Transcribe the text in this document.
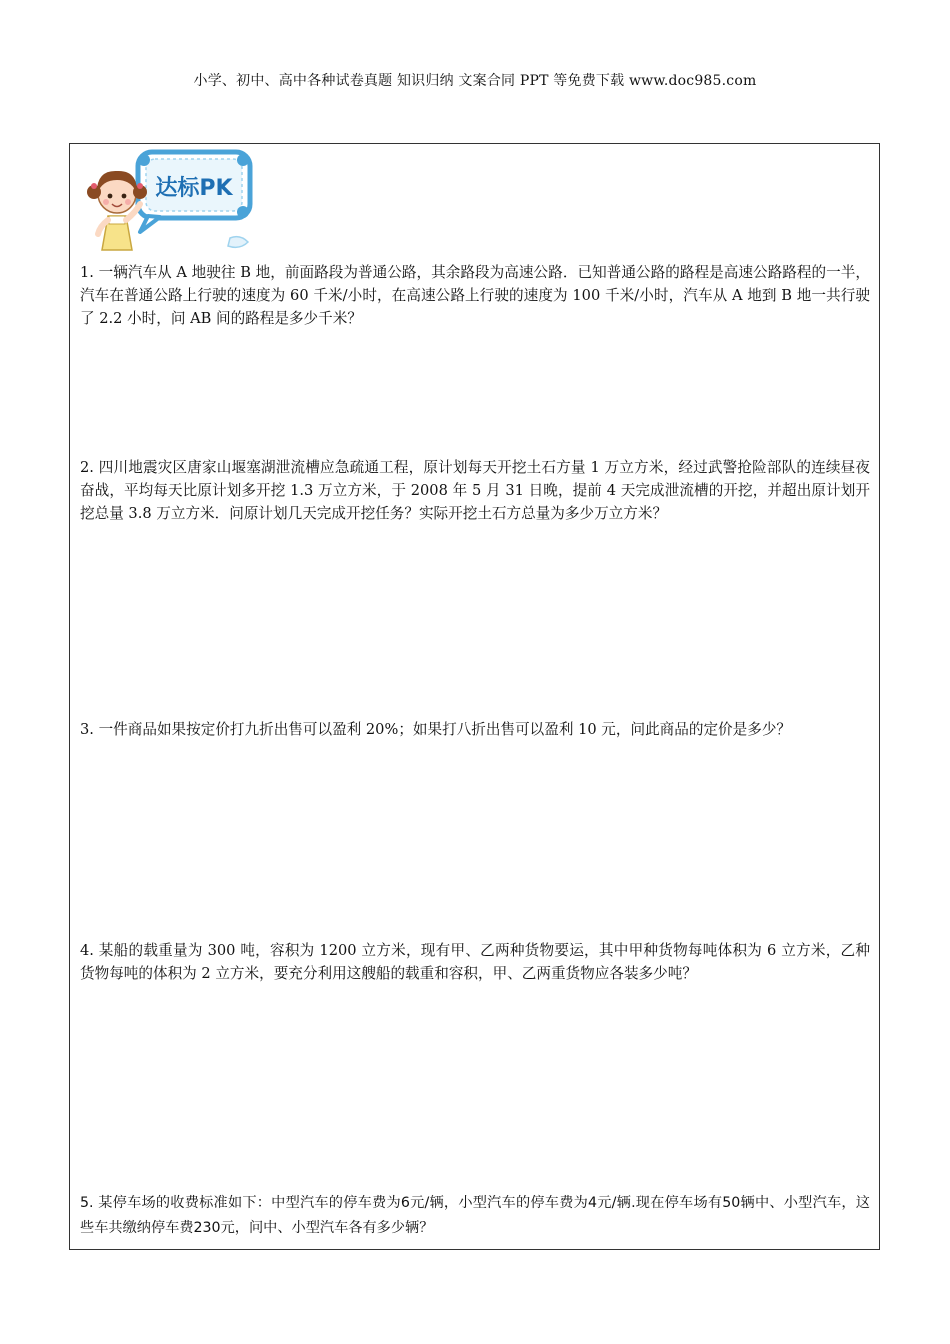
小学、初中、高中各种试卷真题 知识归纳 文案合同 PPT 等免费下载 www.doc985.com
达标PK
1. 一辆汽车从 A 地驶往 B 地，前面路段为普通公路，其余路段为高速公路．已知普通公路的路程是高速公路路程的一半，汽车在普通公路上行驶的速度为 60 千米/小时，在高速公路上行驶的速度为 100 千米/小时，汽车从 A 地到 B 地一共行驶了 2.2 小时，问 AB 间的路程是多少千米？
2. 四川地震灾区唐家山堰塞湖泄流槽应急疏通工程，原计划每天开挖土石方量 1 万立方米，经过武警抢险部队的连续昼夜奋战，平均每天比原计划多开挖 1.3 万立方米，于 2008 年 5 月 31 日晚，提前 4 天完成泄流槽的开挖，并超出原计划开挖总量 3.8 万立方米．问原计划几天完成开挖任务？实际开挖土石方总量为多少万立方米？
3. 一件商品如果按定价打九折出售可以盈利 20%；如果打八折出售可以盈利 10 元，问此商品的定价是多少？
4. 某船的载重量为 300 吨，容积为 1200 立方米，现有甲、乙两种货物要运，其中甲种货物每吨体积为 6 立方米，乙种货物每吨的体积为 2 立方米，要充分利用这艘船的载重和容积，甲、乙两重货物应各装多少吨？
5. 某停车场的收费标准如下：中型汽车的停车费为6元/辆，小型汽车的停车费为4元/辆.现在停车场有50辆中、小型汽车，这些车共缴纳停车费230元，问中、小型汽车各有多少辆？
